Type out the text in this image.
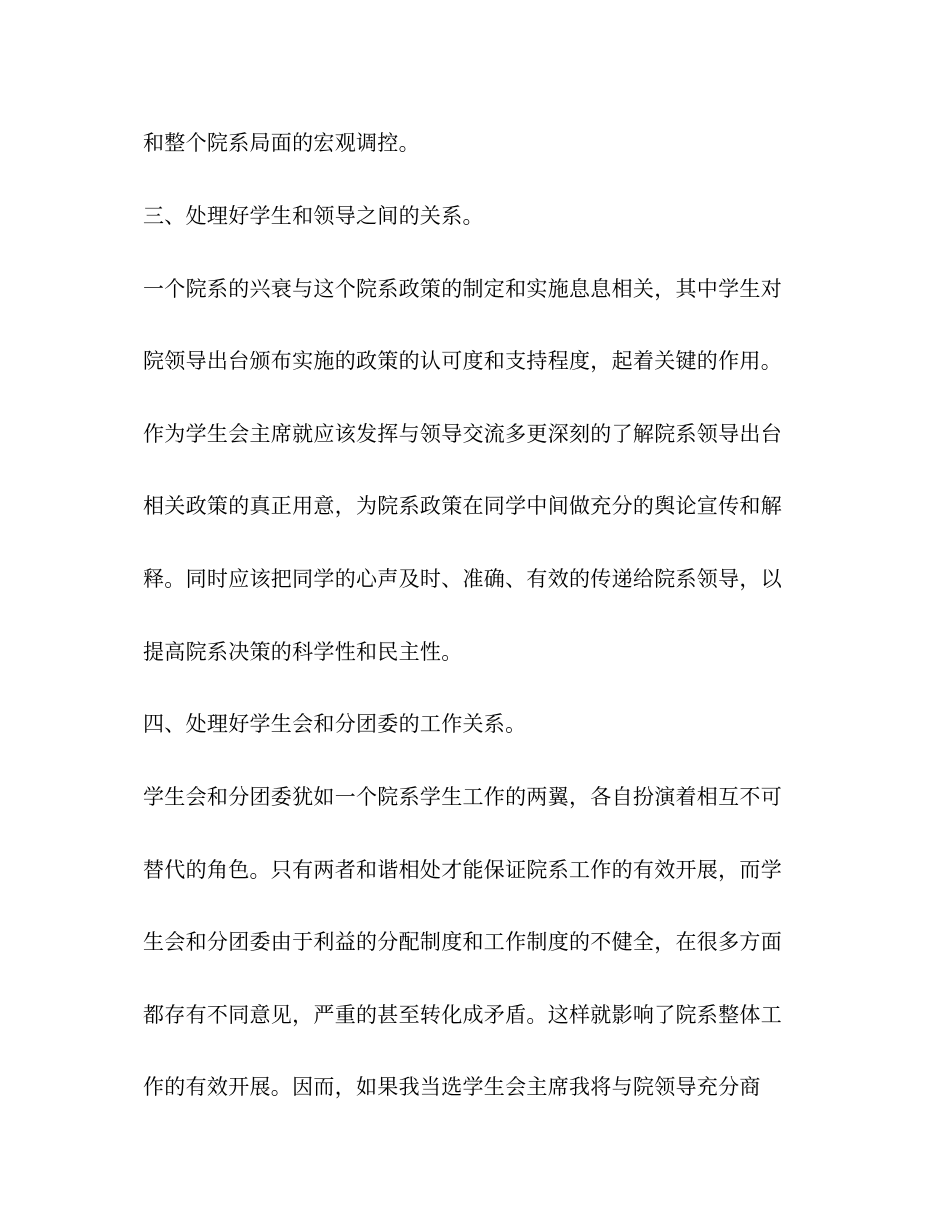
和整个院系局面的宏观调控。
三、处理好学生和领导之间的关系。
一个院系的兴衰与这个院系政策的制定和实施息息相关，其中学生对
院领导出台颁布实施的政策的认可度和支持程度，起着关键的作用。
作为学生会主席就应该发挥与领导交流多更深刻的了解院系领导出台
相关政策的真正用意，为院系政策在同学中间做充分的舆论宣传和解
释。同时应该把同学的心声及时、准确、有效的传递给院系领导，以
提高院系决策的科学性和民主性。
四、处理好学生会和分团委的工作关系。
学生会和分团委犹如一个院系学生工作的两翼，各自扮演着相互不可
替代的角色。只有两者和谐相处才能保证院系工作的有效开展，而学
生会和分团委由于利益的分配制度和工作制度的不健全，在很多方面
都存有不同意见，严重的甚至转化成矛盾。这样就影响了院系整体工
作的有效开展。因而，如果我当选学生会主席我将与院领导充分商
